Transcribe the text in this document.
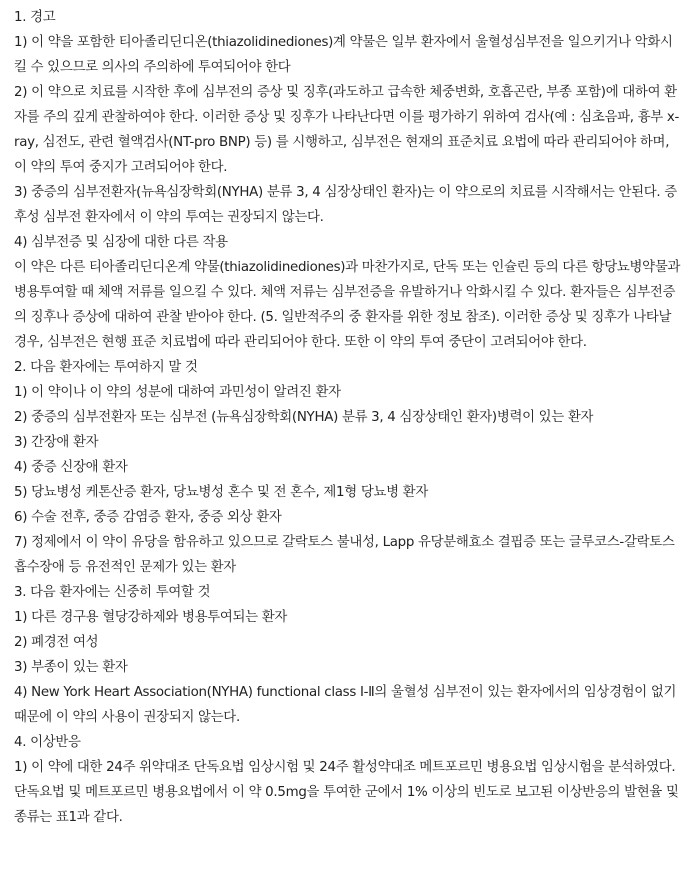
1. 경고
1) 이 약을 포함한 티아졸리딘디온(thiazolidinediones)계 약물은 일부 환자에서 울혈성심부전을 일으키거나 악화시킬 수 있으므로 의사의 주의하에 투여되어야 한다
2) 이 약으로 치료를 시작한 후에 심부전의 증상 및 징후(과도하고 급속한 체중변화, 호흡곤란, 부종 포함)에 대하여 환자를 주의 깊게 관찰하여야 한다. 이러한 증상 및 징후가 나타난다면 이를 평가하기 위하여 검사(예 : 심초음파, 흉부 x-ray, 심전도, 관련 혈액검사(NT-pro BNP) 등) 를 시행하고, 심부전은 현재의 표준치료 요법에 따라 관리되어야 하며, 이 약의 투여 중지가 고려되어야 한다.
3) 중증의 심부전환자(뉴욕심장학회(NYHA) 분류 3, 4 심장상태인 환자)는 이 약으로의 치료를 시작해서는 안된다. 증후성 심부전 환자에서 이 약의 투여는 권장되지 않는다.
4) 심부전증 및 심장에 대한 다른 작용
이 약은 다른 티아졸리딘디온계 약물(thiazolidinediones)과 마찬가지로, 단독 또는 인슐린 등의 다른 항당뇨병약물과 병용투여할 때 체액 저류를 일으킬 수 있다. 체액 저류는 심부전증을 유발하거나 악화시킬 수 있다. 환자들은 심부전증의 징후나 증상에 대하여 관찰 받아야 한다. (5. 일반적주의 중 환자를 위한 정보 참조). 이러한 증상 및 징후가 나타날 경우, 심부전은 현행 표준 치료법에 따라 관리되어야 한다. 또한 이 약의 투여 중단이 고려되어야 한다.
2. 다음 환자에는 투여하지 말 것
1) 이 약이나 이 약의 성분에 대하여 과민성이 알려진 환자
2) 중증의 심부전환자 또는 심부전 (뉴욕심장학회(NYHA) 분류 3, 4 심장상태인 환자)병력이 있는 환자
3) 간장애 환자
4) 중증 신장애 환자
5) 당뇨병성 케톤산증 환자, 당뇨병성 혼수 및 전 혼수, 제1형 당뇨병 환자
6) 수술 전후, 중증 감염증 환자, 중증 외상 환자
7) 정제에서 이 약이 유당을 함유하고 있으므로 갈락토스 불내성, Lapp 유당분해효소 결핍증 또는 글루코스-갈락토스 흡수장애 등 유전적인 문제가 있는 환자
3. 다음 환자에는 신중히 투여할 것
1) 다른 경구용 혈당강하제와 병용투여되는 환자
2) 폐경전 여성
3) 부종이 있는 환자
4) New York Heart Association(NYHA) functional class Ⅰ-Ⅱ의 울혈성 심부전이 있는 환자에서의 임상경험이 없기 때문에 이 약의 사용이 권장되지 않는다.
4. 이상반응
1) 이 약에 대한 24주 위약대조 단독요법 임상시험 및 24주 활성약대조 메트포르민 병용요법 임상시험을 분석하였다.
단독요법 및 메트포르민 병용요법에서 이 약 0.5mg을 투여한 군에서 1% 이상의 빈도로 보고된 이상반응의 발현율 및 종류는 표1과 같다.
